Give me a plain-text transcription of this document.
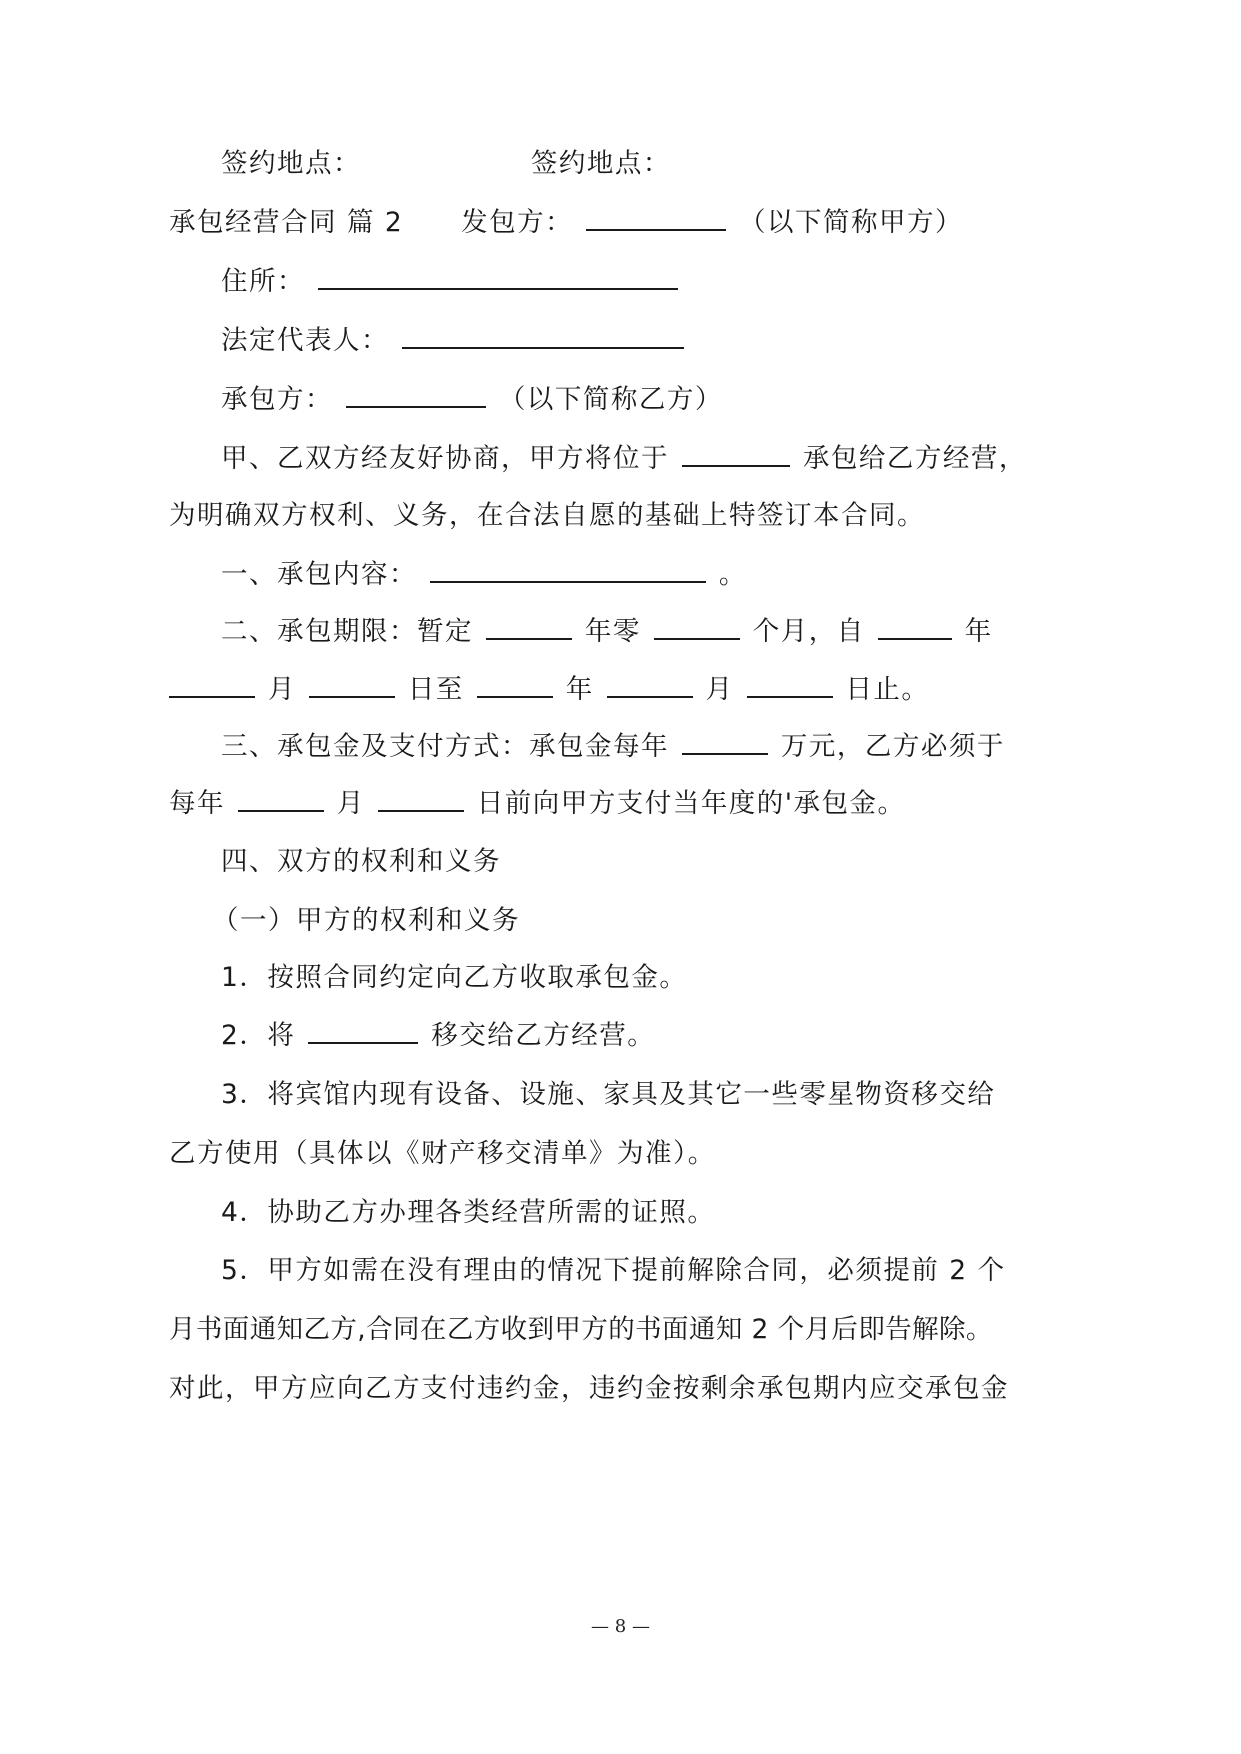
签约地点：	签约地点：
承包经营合同 篇 2 发包方：	（以下简称甲方）
住所：
法定代表人：
承包方：	（以下简称乙方）
甲、乙双方经友好协商，甲方将位于	承包给乙方经营，
为明确双方权利、义务，在合法自愿的基础上特签订本合同。
一、承包内容：	。
二、承包期限：暂定	年零	个月，自	年
月	日至	年	月	日止。
三、承包金及支付方式：承包金每年	万元，乙方必须于
每年	月	日前向甲方支付当年度的'承包金。
四、双方的权利和义务
（一）甲方的权利和义务
1．按照合同约定向乙方收取承包金。
2．将	移交给乙方经营。
3．将宾馆内现有设备、设施、家具及其它一些零星物资移交给
乙方使用（具体以《财产移交清单》为准）。
4．协助乙方办理各类经营所需的证照。
5．甲方如需在没有理由的情况下提前解除合同，必须提前 2 个
月书面通知乙方,合同在乙方收到甲方的书面通知 2 个月后即告解除。
对此，甲方应向乙方支付违约金，违约金按剩余承包期内应交承包金
— 8 —
